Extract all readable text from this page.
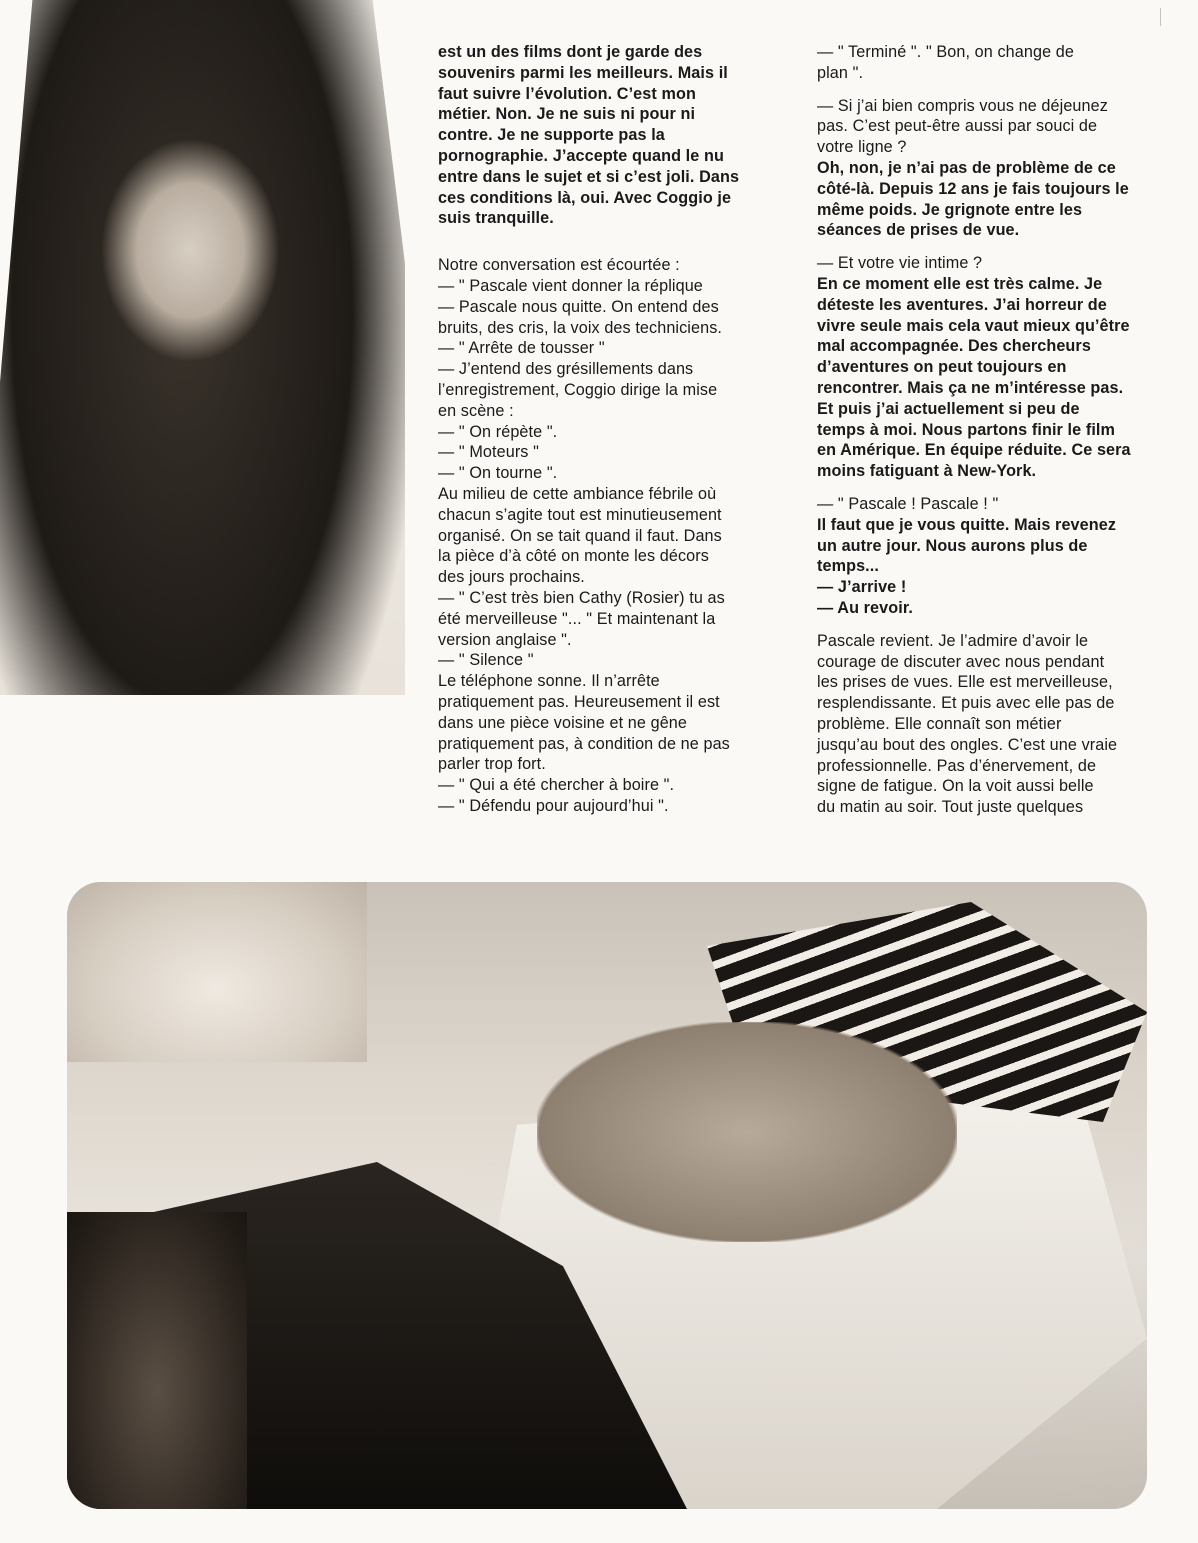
est un des films dont je garde des
souvenirs parmi les meilleurs. Mais il
faut suivre l’évolution. C’est mon
métier. Non. Je ne suis ni pour ni
contre. Je ne supporte pas la
pornographie. J’accepte quand le nu
entre dans le sujet et si c’est joli. Dans
ces conditions là, oui. Avec Coggio je
suis tranquille.

Notre conversation est écourtée :
— " Pascale vient donner la réplique
— Pascale nous quitte. On entend des
bruits, des cris, la voix des techniciens.
— " Arrête de tousser "
— J’entend des grésillements dans
l’enregistrement, Coggio dirige la mise
en scène :
— " On répète ".
— " Moteurs "
— " On tourne ".
Au milieu de cette ambiance fébrile où
chacun s’agite tout est minutieusement
organisé. On se tait quand il faut. Dans
la pièce d’à côté on monte les décors
des jours prochains.
— " C’est très bien Cathy (Rosier) tu as
été merveilleuse "... " Et maintenant la
version anglaise ".
— " Silence "
Le téléphone sonne. Il n’arrête
pratiquement pas. Heureusement il est
dans une pièce voisine et ne gêne
pratiquement pas, à condition de ne pas
parler trop fort.
— " Qui a été chercher à boire ".
— " Défendu pour aujourd’hui ".

— " Terminé ". " Bon, on change de
plan ".

— Si j’ai bien compris vous ne déjeunez
pas. C’est peut-être aussi par souci de
votre ligne ?

Oh, non, je n’ai pas de problème de ce
côté-là. Depuis 12 ans je fais toujours le
même poids. Je grignote entre les
séances de prises de vue.

— Et votre vie intime ?

En ce moment elle est très calme. Je
déteste les aventures. J’ai horreur de
vivre seule mais cela vaut mieux qu’être
mal accompagnée. Des chercheurs
d’aventures on peut toujours en
rencontrer. Mais ça ne m’intéresse pas.
Et puis j’ai actuellement si peu de
temps à moi. Nous partons finir le film
en Amérique. En équipe réduite. Ce sera
moins fatiguant à New-York.

— " Pascale ! Pascale ! "

Il faut que je vous quitte. Mais revenez
un autre jour. Nous aurons plus de
temps...
— J’arrive !
— Au revoir.

Pascale revient. Je l’admire d’avoir le
courage de discuter avec nous pendant
les prises de vues. Elle est merveilleuse,
resplendissante. Et puis avec elle pas de
problème. Elle connaît son métier
jusqu’au bout des ongles. C’est une vraie
professionnelle. Pas d’énervement, de
signe de fatigue. On la voit aussi belle
du matin au soir. Tout juste quelques
